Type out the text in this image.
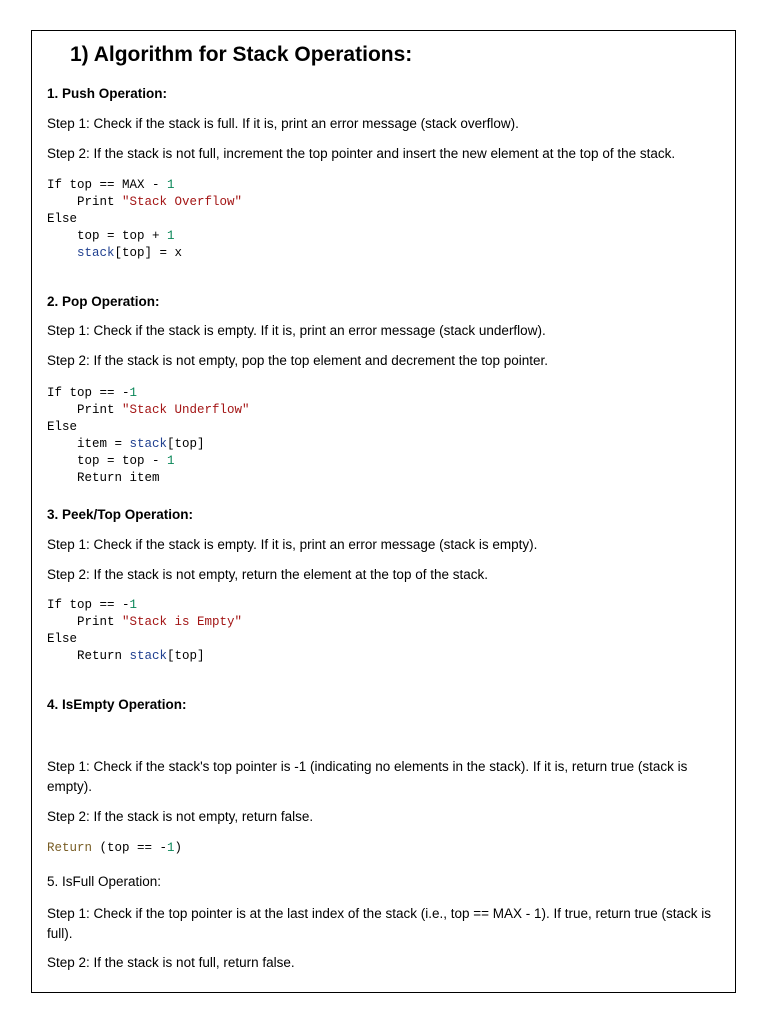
1) Algorithm for Stack Operations:
1. Push Operation:
Step 1: Check if the stack is full. If it is, print an error message (stack overflow).
Step 2: If the stack is not full, increment the top pointer and insert the new element at the top of the stack.
If top == MAX - 1
Print "Stack Overflow"
Else
top = top + 1
stack[top] = x
2. Pop Operation:
Step 1: Check if the stack is empty. If it is, print an error message (stack underflow).
Step 2: If the stack is not empty, pop the top element and decrement the top pointer.
If top == -1
Print "Stack Underflow"
Else
item = stack[top]
top = top - 1
Return item
3. Peek/Top Operation:
Step 1: Check if the stack is empty. If it is, print an error message (stack is empty).
Step 2: If the stack is not empty, return the element at the top of the stack.
If top == -1
Print "Stack is Empty"
Else
Return stack[top]
4. IsEmpty Operation:
Step 1: Check if the stack's top pointer is -1 (indicating no elements in the stack). If it is, return true (stack is empty).
Step 2: If the stack is not empty, return false.
Return (top == -1)
5. IsFull Operation:
Step 1: Check if the top pointer is at the last index of the stack (i.e., top == MAX - 1). If true, return true (stack is full).
Step 2: If the stack is not full, return false.
